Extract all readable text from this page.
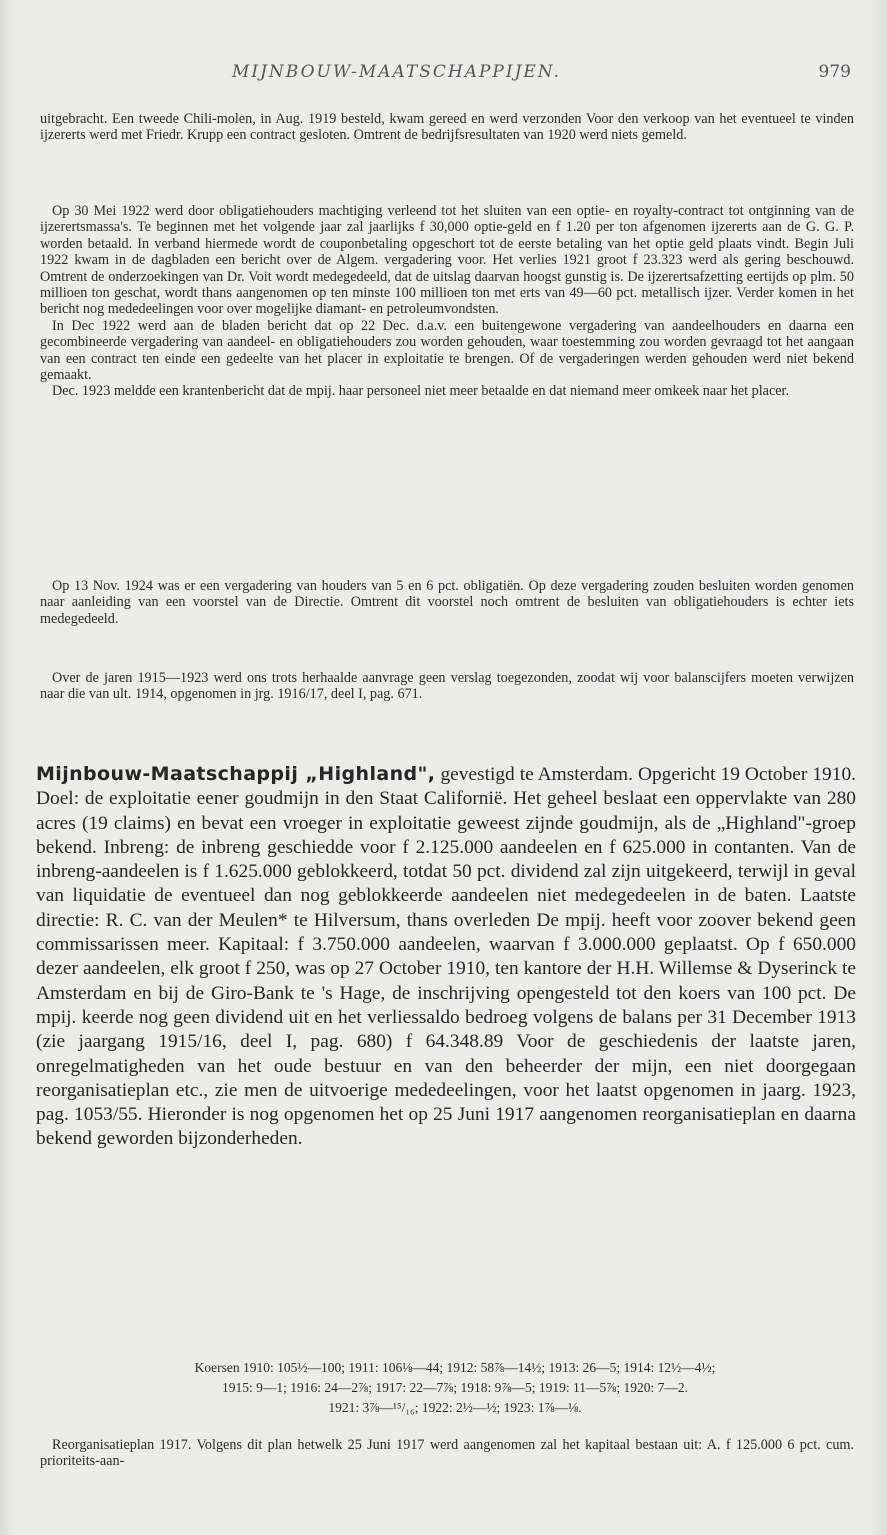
MIJNBOUW-MAATSCHAPPIJEN.	979

uitgebracht. Een tweede Chili-molen, in Aug. 1919 besteld, kwam gereed en werd verzonden Voor den verkoop van het eventueel te vinden ijzererts werd met Friedr. Krupp een contract gesloten. Omtrent de bedrijfsresultaten van 1920 werd niets gemeld.

Op 30 Mei 1922 werd door obligatiehouders machtiging verleend tot het sluiten van een optie- en royalty-contract tot ontginning van de ijzerertsmassa's. Te beginnen met het volgende jaar zal jaarlijks f 30,000 optie-geld en f 1.20 per ton afgenomen ijzererts aan de G. G. P. worden betaald. In verband hiermede wordt de couponbetaling opgeschort tot de eerste betaling van het optie geld plaats vindt. Begin Juli 1922 kwam in de dagbladen een bericht over de Algem. vergadering voor. Het verlies 1921 groot f 23.323 werd als gering beschouwd. Omtrent de onderzoekingen van Dr. Voit wordt medegedeeld, dat de uitslag daarvan hoogst gunstig is. De ijzerertsafzetting eertijds op plm. 50 millioen ton geschat, wordt thans aangenomen op ten minste 100 millioen ton met erts van 49—60 pct. metallisch ijzer. Verder komen in het bericht nog mededeelingen voor over mogelijke diamant- en petroleumvondsten.

In Dec 1922 werd aan de bladen bericht dat op 22 Dec. d.a.v. een buitengewone vergadering van aandeelhouders en daarna een gecombineerde vergadering van aandeel- en obligatiehouders zou worden gehouden, waar toestemming zou worden gevraagd tot het aangaan van een contract ten einde een gedeelte van het placer in exploitatie te brengen. Of de vergaderingen werden gehouden werd niet bekend gemaakt.

Dec. 1923 meldde een krantenbericht dat de mpij. haar personeel niet meer betaalde en dat niemand meer omkeek naar het placer.

Op 13 Nov. 1924 was er een vergadering van houders van 5 en 6 pct. obligatiën. Op deze vergadering zouden besluiten worden genomen naar aanleiding van een voorstel van de Directie. Omtrent dit voorstel noch omtrent de besluiten van obligatiehouders is echter iets medegedeeld.

Over de jaren 1915—1923 werd ons trots herhaalde aanvrage geen verslag toegezonden, zoodat wij voor balanscijfers moeten verwijzen naar die van ult. 1914, opgenomen in jrg. 1916/17, deel I, pag. 671.

Mijnbouw-Maatschappij „Highland", gevestigd te Amsterdam. Opgericht 19 October 1910. Doel: de exploitatie eener goudmijn in den Staat Californië. Het geheel beslaat een oppervlakte van 280 acres (19 claims) en bevat een vroeger in exploitatie geweest zijnde goudmijn, als de „Highland"-groep bekend. Inbreng: de inbreng geschiedde voor f 2.125.000 aandeelen en f 625.000 in contanten. Van de inbreng-aandeelen is f 1.625.000 geblokkeerd, totdat 50 pct. dividend zal zijn uitgekeerd, terwijl in geval van liquidatie de eventueel dan nog geblokkeerde aandeelen niet medegedeelen in de baten. Laatste directie: R. C. van der Meulen* te Hilversum, thans overleden De mpij. heeft voor zoover bekend geen commissarissen meer. Kapitaal: f 3.750.000 aandeelen, waarvan f 3.000.000 geplaatst. Op f 650.000 dezer aandeelen, elk groot f 250, was op 27 October 1910, ten kantore der H.H. Willemse & Dyserinck te Amsterdam en bij de Giro-Bank te 's Hage, de inschrijving opengesteld tot den koers van 100 pct. De mpij. keerde nog geen dividend uit en het verliessaldo bedroeg volgens de balans per 31 December 1913 (zie jaargang 1915/16, deel I, pag. 680) f 64.348.89 Voor de geschiedenis der laatste jaren, onregelmatigheden van het oude bestuur en van den beheerder der mijn, een niet doorgegaan reorganisatieplan etc., zie men de uitvoerige mededeelingen, voor het laatst opgenomen in jaarg. 1923, pag. 1053/55. Hieronder is nog opgenomen het op 25 Juni 1917 aangenomen reorganisatieplan en daarna bekend geworden bijzonderheden.

Koersen 1910: 105½—100; 1911: 106⅛—44; 1912: 58⅞—14½; 1913: 26—5; 1914: 12½—4½;
1915: 9—1; 1916: 24—2⅞; 1917: 22—7⅞; 1918: 9⅞—5; 1919: 11—5⅞; 1920: 7—2.
1921: 3⅞—¹⁵/₁₆; 1922: 2½—½; 1923: 1⅞—⅛.

Reorganisatieplan 1917. Volgens dit plan hetwelk 25 Juni 1917 werd aangenomen zal het kapitaal bestaan uit: A. f 125.000 6 pct. cum. prioriteits-aan-
